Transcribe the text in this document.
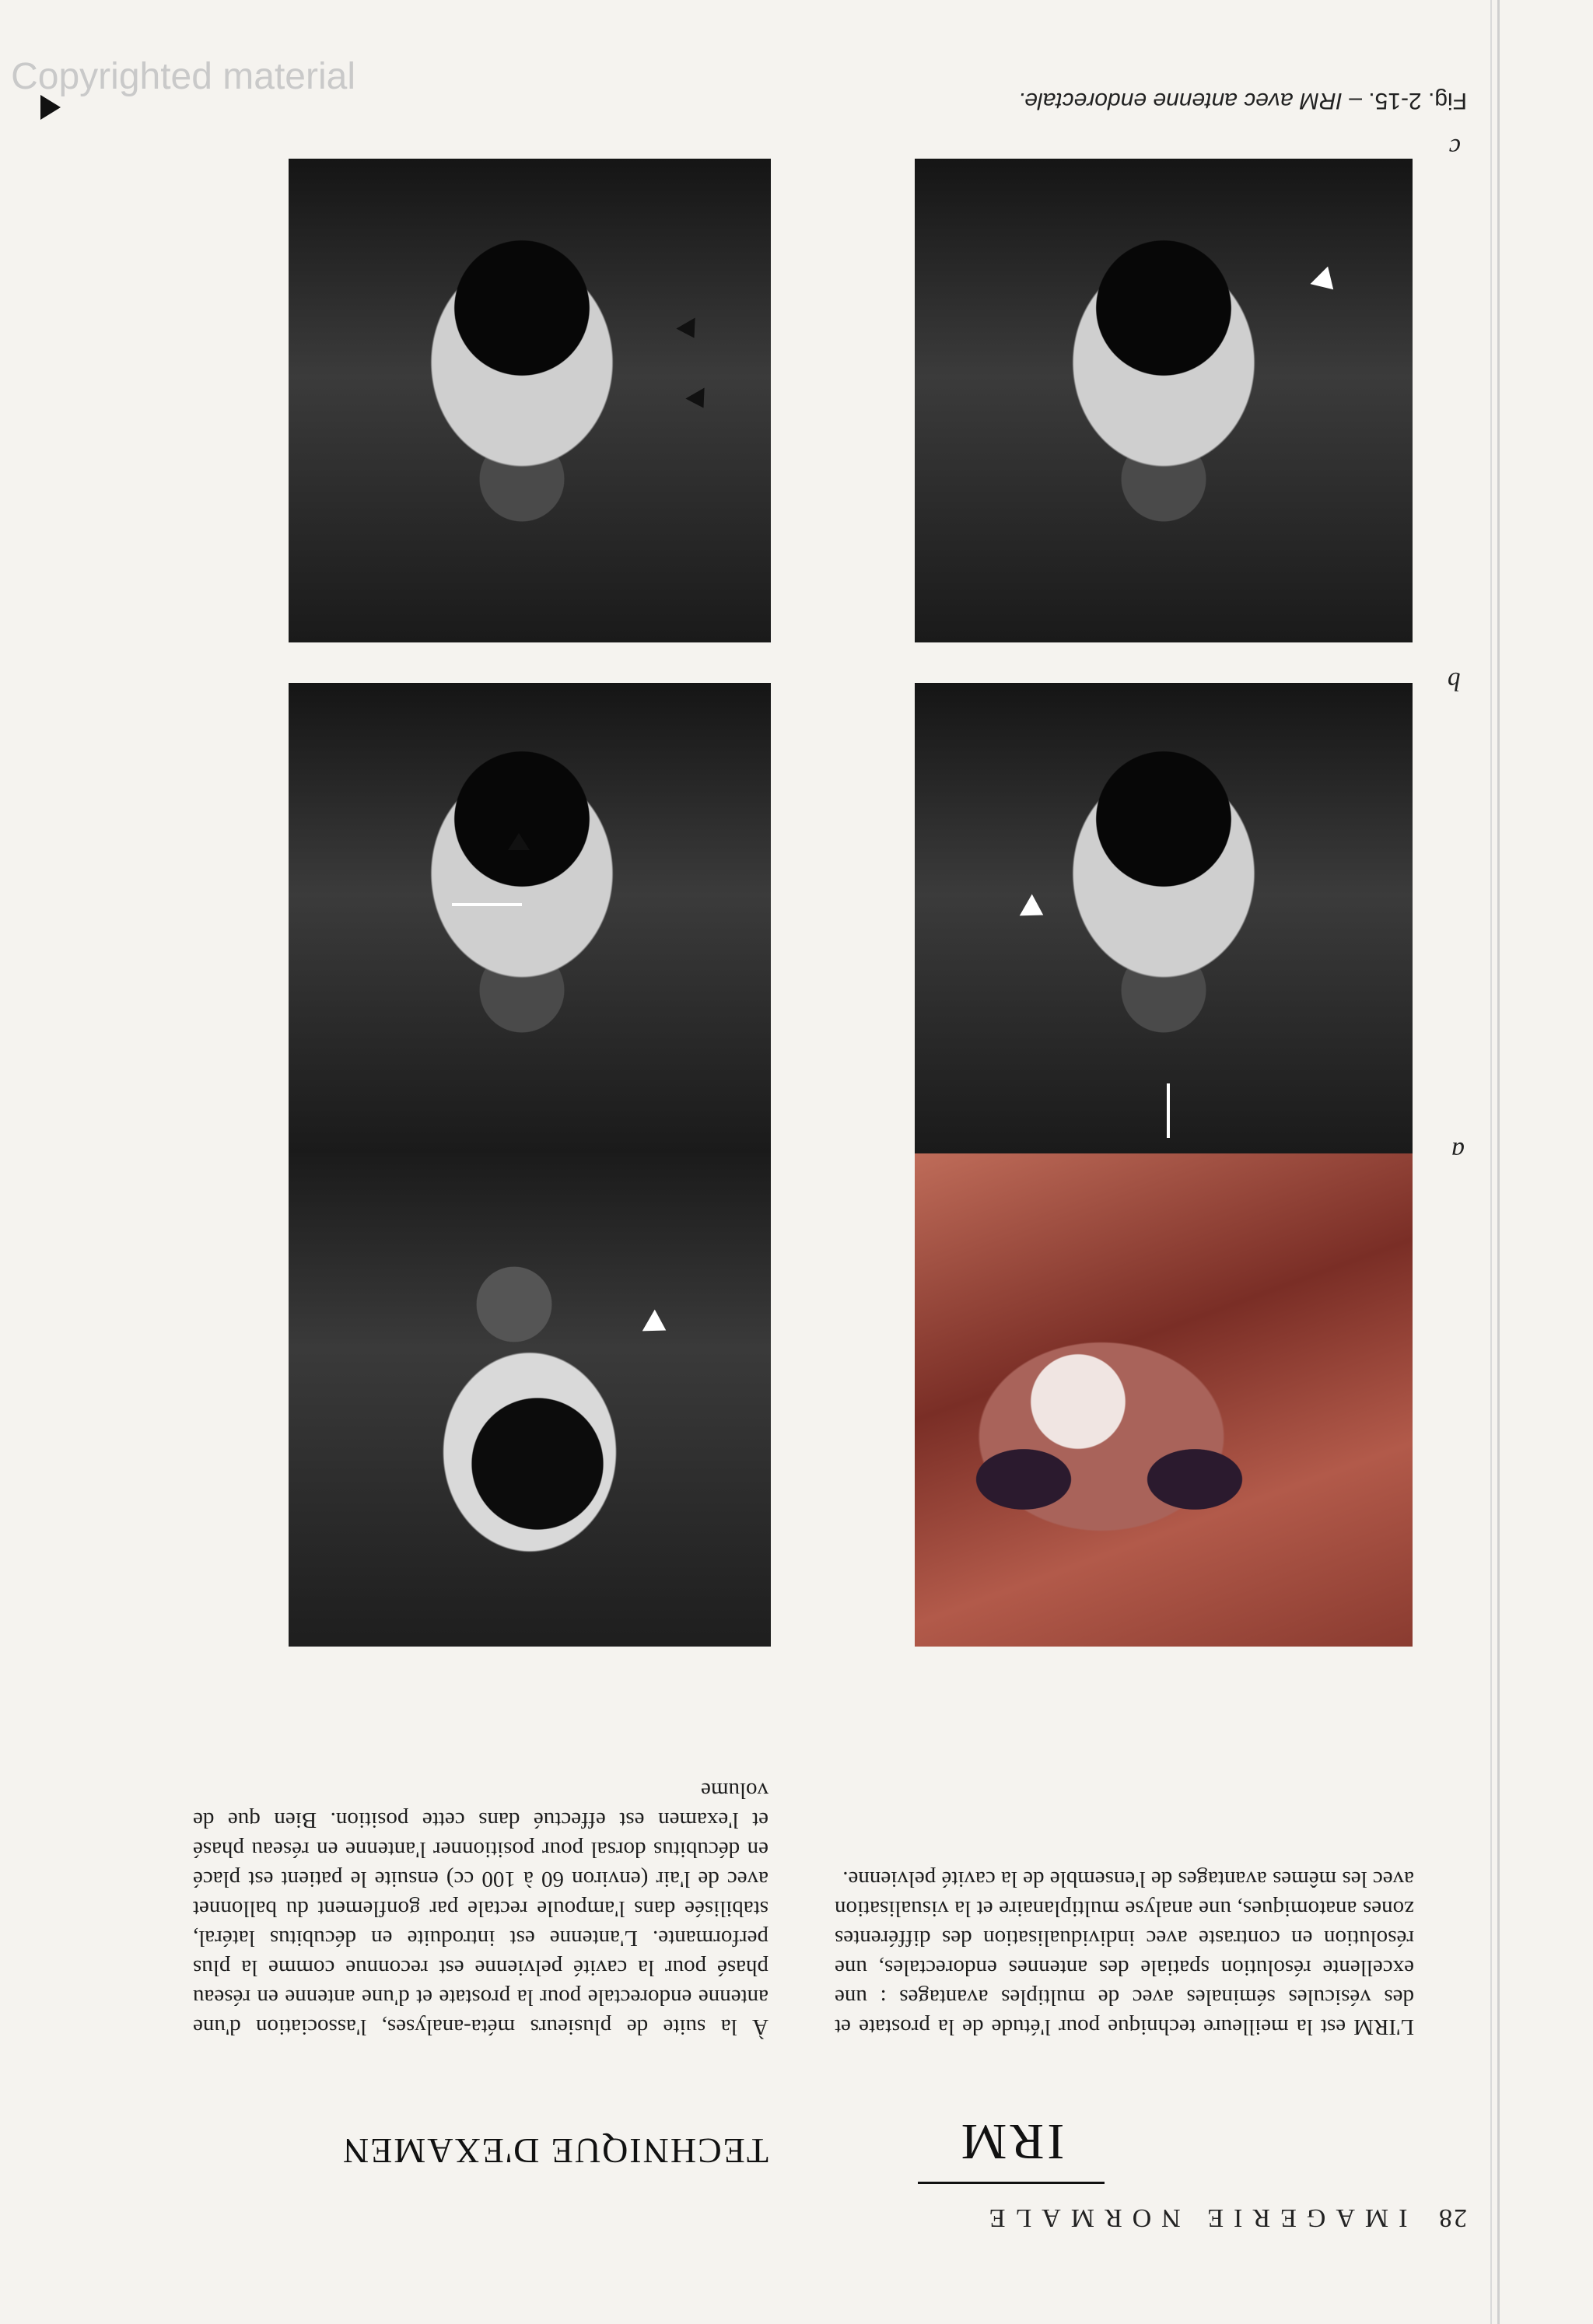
28 IMAGERIE NORMALE
IRM
TECHNIQUE D'EXAMEN
L'IRM est la meilleure technique pour l'étude de la prostate et des vésicules séminales avec de multiples avantages : une excellente résolution spatiale des antennes endorectales, une résolution en contraste avec individualisation des différentes zones anatomiques, une analyse multiplanaire et la visualisation avec les mêmes avantages de l'ensemble de la cavité pelvienne.
À la suite de plusieurs méta-analyses, l'association d'une antenne endorectale pour la prostate et d'une antenne en réseau phasé pour la cavité pelvienne est reconnue comme la plus performante. L'antenne est introduite en décubitus latéral, stabilisée dans l'ampoule rectale par gonflement du ballonnet avec de l'air (environ 60 à 100 cc) ensuite le patient est placé en décubitus dorsal pour positionner l'antenne en réseau phasé et l'examen est effectué dans cette position. Bien que de volume
a
b
c
Fig. 2-15. – IRM avec antenne endorectale.
Copyrighted material
